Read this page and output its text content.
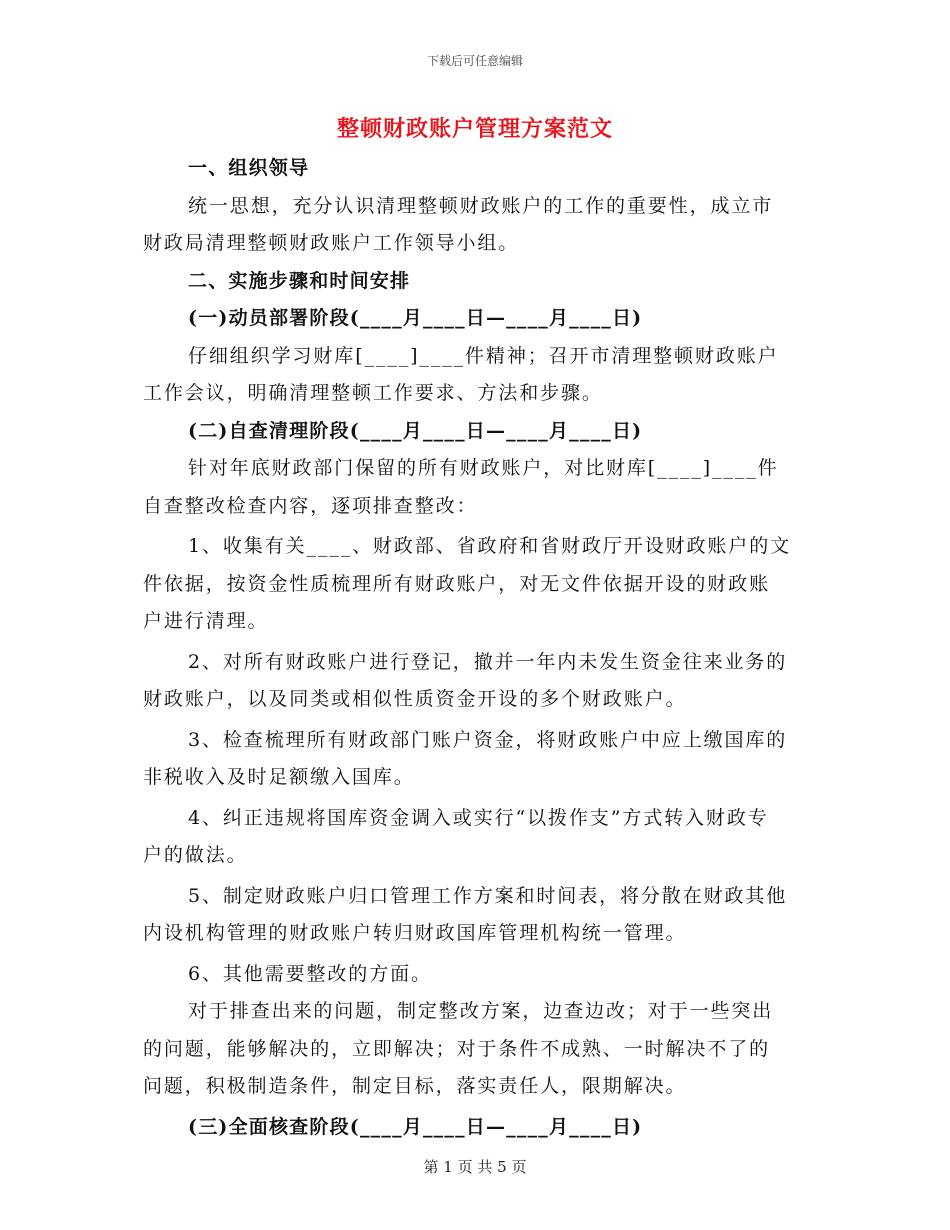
下载后可任意编辑
整顿财政账户管理方案范文
一、组织领导
统一思想，充分认识清理整顿财政账户的工作的重要性，成立市
财政局清理整顿财政账户工作领导小组。
二、实施步骤和时间安排
(一)动员部署阶段(____月____日—____月____日)
仔细组织学习财库[____]____件精神；召开市清理整顿财政账户
工作会议，明确清理整顿工作要求、方法和步骤。
(二)自查清理阶段(____月____日—____月____日)
针对年底财政部门保留的所有财政账户，对比财库[____]____件
自查整改检查内容，逐项排查整改：
1、收集有关____、财政部、省政府和省财政厅开设财政账户的文
件依据，按资金性质梳理所有财政账户，对无文件依据开设的财政账
户进行清理。
2、对所有财政账户进行登记，撤并一年内未发生资金往来业务的
财政账户，以及同类或相似性质资金开设的多个财政账户。
3、检查梳理所有财政部门账户资金，将财政账户中应上缴国库的
非税收入及时足额缴入国库。
4、纠正违规将国库资金调入或实行“以拨作支”方式转入财政专
户的做法。
5、制定财政账户归口管理工作方案和时间表，将分散在财政其他
内设机构管理的财政账户转归财政国库管理机构统一管理。
6、其他需要整改的方面。
对于排查出来的问题，制定整改方案，边查边改；对于一些突出
的问题，能够解决的，立即解决；对于条件不成熟、一时解决不了的
问题，积极制造条件，制定目标，落实责任人，限期解决。
(三)全面核查阶段(____月____日—____月____日)
第 1 页 共 5 页
